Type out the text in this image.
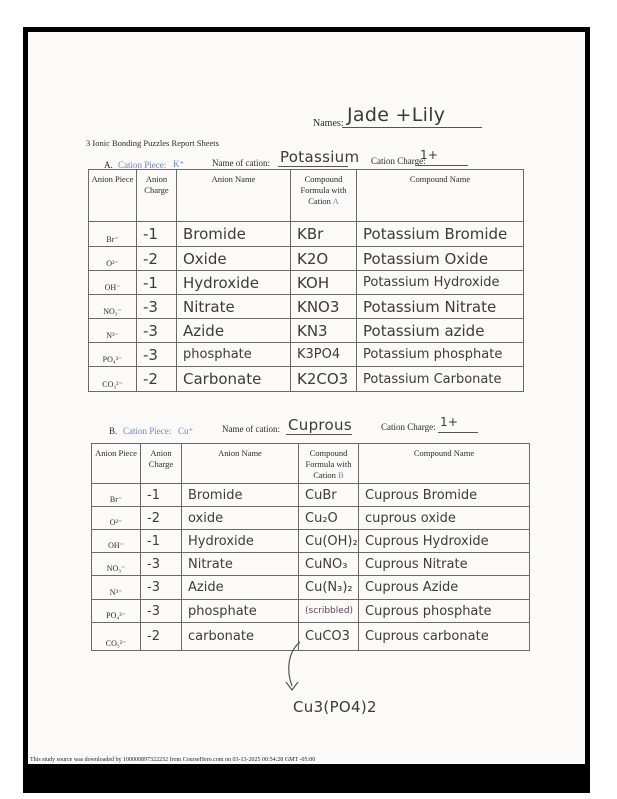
Names: Jade +Lily
3 Ionic Bonding Puzzles Report Sheets
A. Cation Piece: K⁺	Name of cation: Potassium Cation Charge:
1+
Anion Piece	Anion Charge	Anion Name	Compound Formula with Cation A	Compound Name
Br⁻	-1	Bromide	KBr	Potassium Bromide
O²⁻	-2	Oxide	K2O	Potassium Oxide
OH⁻	-1	Hydroxide	KOH	Potassium Hydroxide
NO₃⁻	-3	Nitrate	KNO3	Potassium Nitrate
N³⁻	-3	Azide	KN3	Potassium azide
PO₄³⁻	-3	phosphate	K3PO4	Potassium phosphate
CO₃²⁻	-2	Carbonate	K2CO3	Potassium Carbonate
B. Cation Piece: Cu⁺	Name of cation: Cuprous	Cation Charge: 1+
Anion Piece	Anion Charge	Anion Name	Compound Formula with Cation B	Compound Name
Br⁻	-1	Bromide	CuBr	Cuprous Bromide
O²⁻	-2	oxide	Cu₂O	cuprous oxide
OH⁻	-1	Hydroxide	Cu(OH)₂	Cuprous Hydroxide
NO₃⁻	-3	Nitrate	CuNO₃	Cuprous Nitrate
N³⁻	-3	Azide	Cu(N₃)₂	Cuprous Azide
PO₄³⁻	-3	phosphate	(scribbled)	Cuprous phosphate
CO₃²⁻	-2	carbonate	CuCO3	Cuprous carbonate
Cu3(PO4)2
This study source was downloaded by 100000897322232 from CourseHero.com on 03-13-2025 00:54:28 GMT -05:00
